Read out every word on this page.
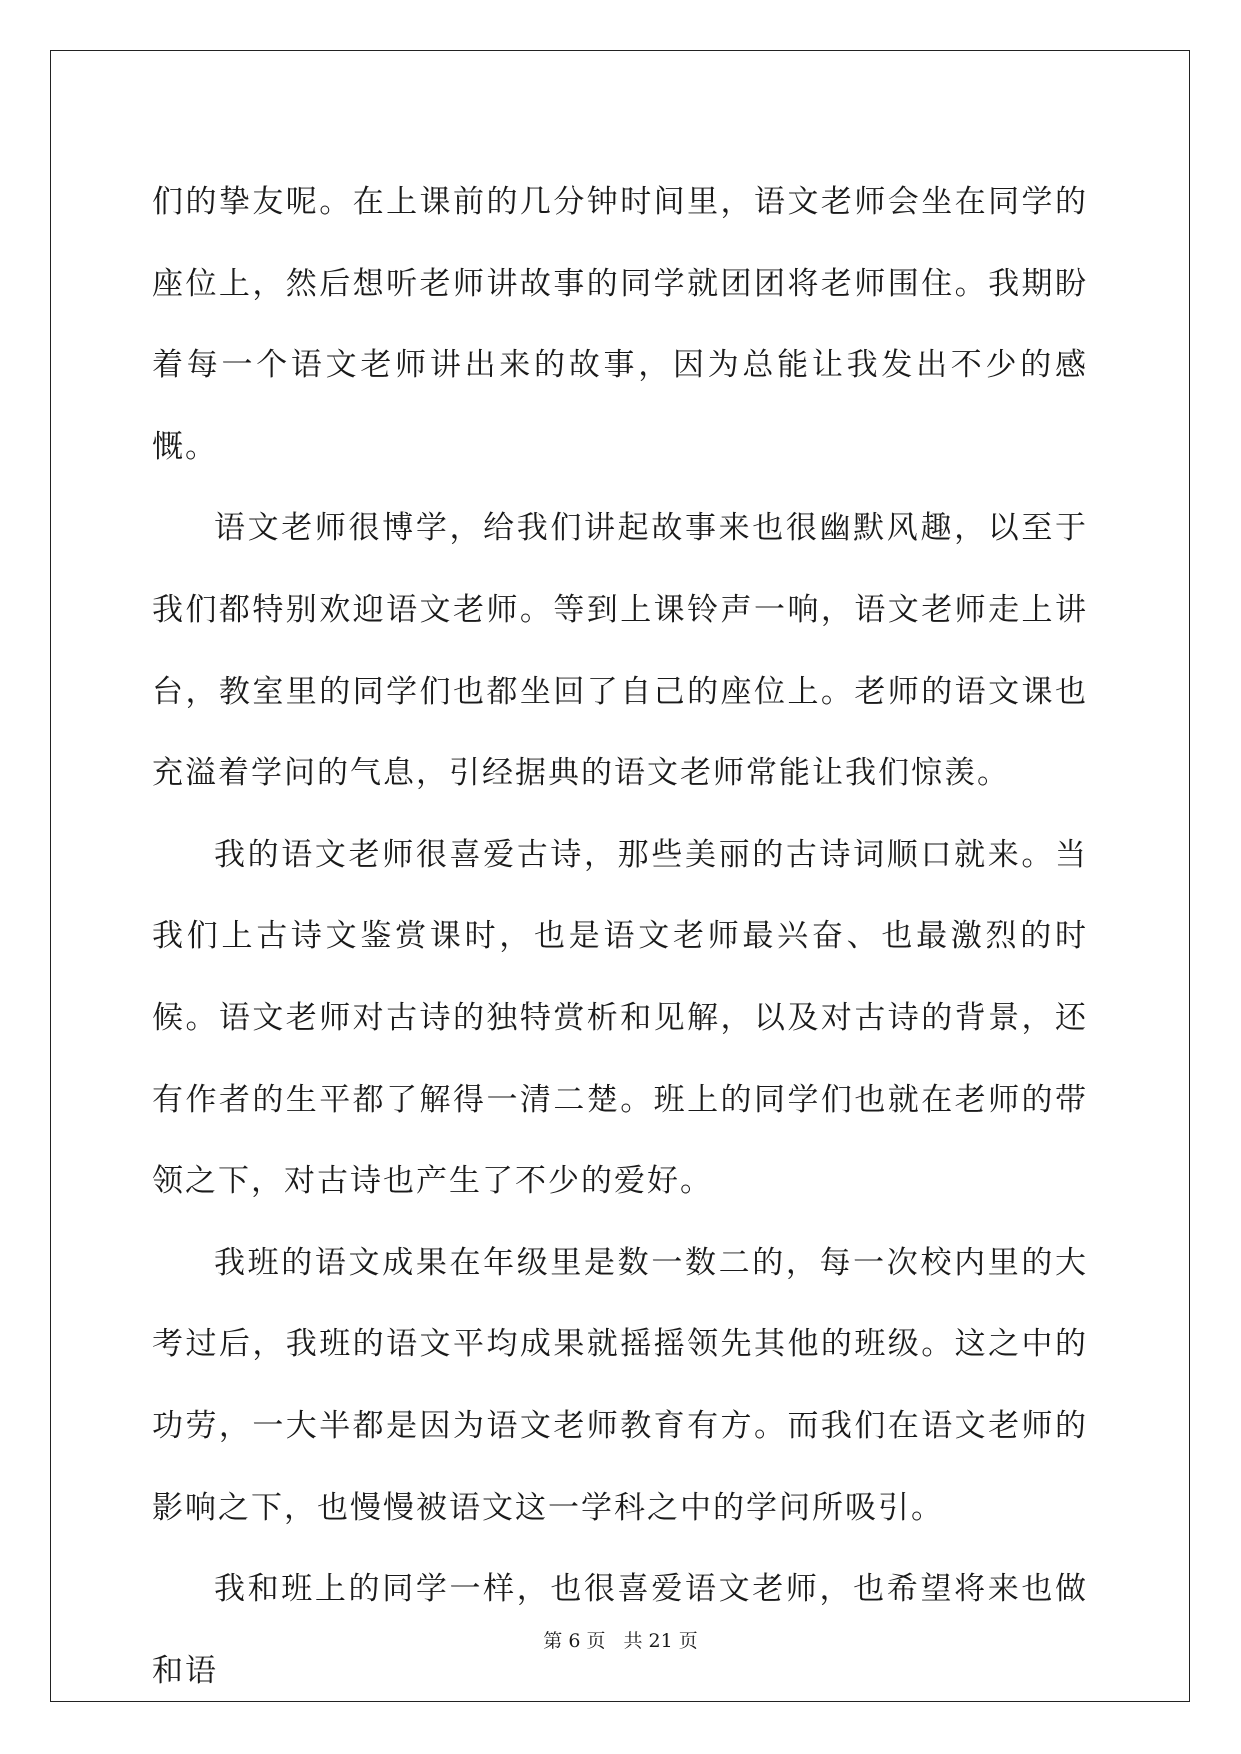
们的挚友呢。在上课前的几分钟时间里，语文老师会坐在同学的座位上，然后想听老师讲故事的同学就团团将老师围住。我期盼着每一个语文老师讲出来的故事，因为总能让我发出不少的感慨。

语文老师很博学，给我们讲起故事来也很幽默风趣，以至于我们都特别欢迎语文老师。等到上课铃声一响，语文老师走上讲台，教室里的同学们也都坐回了自己的座位上。老师的语文课也充溢着学问的气息，引经据典的语文老师常能让我们惊羡。

我的语文老师很喜爱古诗，那些美丽的古诗词顺口就来。当我们上古诗文鉴赏课时，也是语文老师最兴奋、也最激烈的时候。语文老师对古诗的独特赏析和见解，以及对古诗的背景，还有作者的生平都了解得一清二楚。班上的同学们也就在老师的带领之下，对古诗也产生了不少的爱好。

我班的语文成果在年级里是数一数二的，每一次校内里的大考过后，我班的语文平均成果就摇摇领先其他的班级。这之中的功劳，一大半都是因为语文老师教育有方。而我们在语文老师的影响之下，也慢慢被语文这一学科之中的学问所吸引。

我和班上的同学一样，也很喜爱语文老师，也希望将来也做和语

第 6 页 共 21 页
